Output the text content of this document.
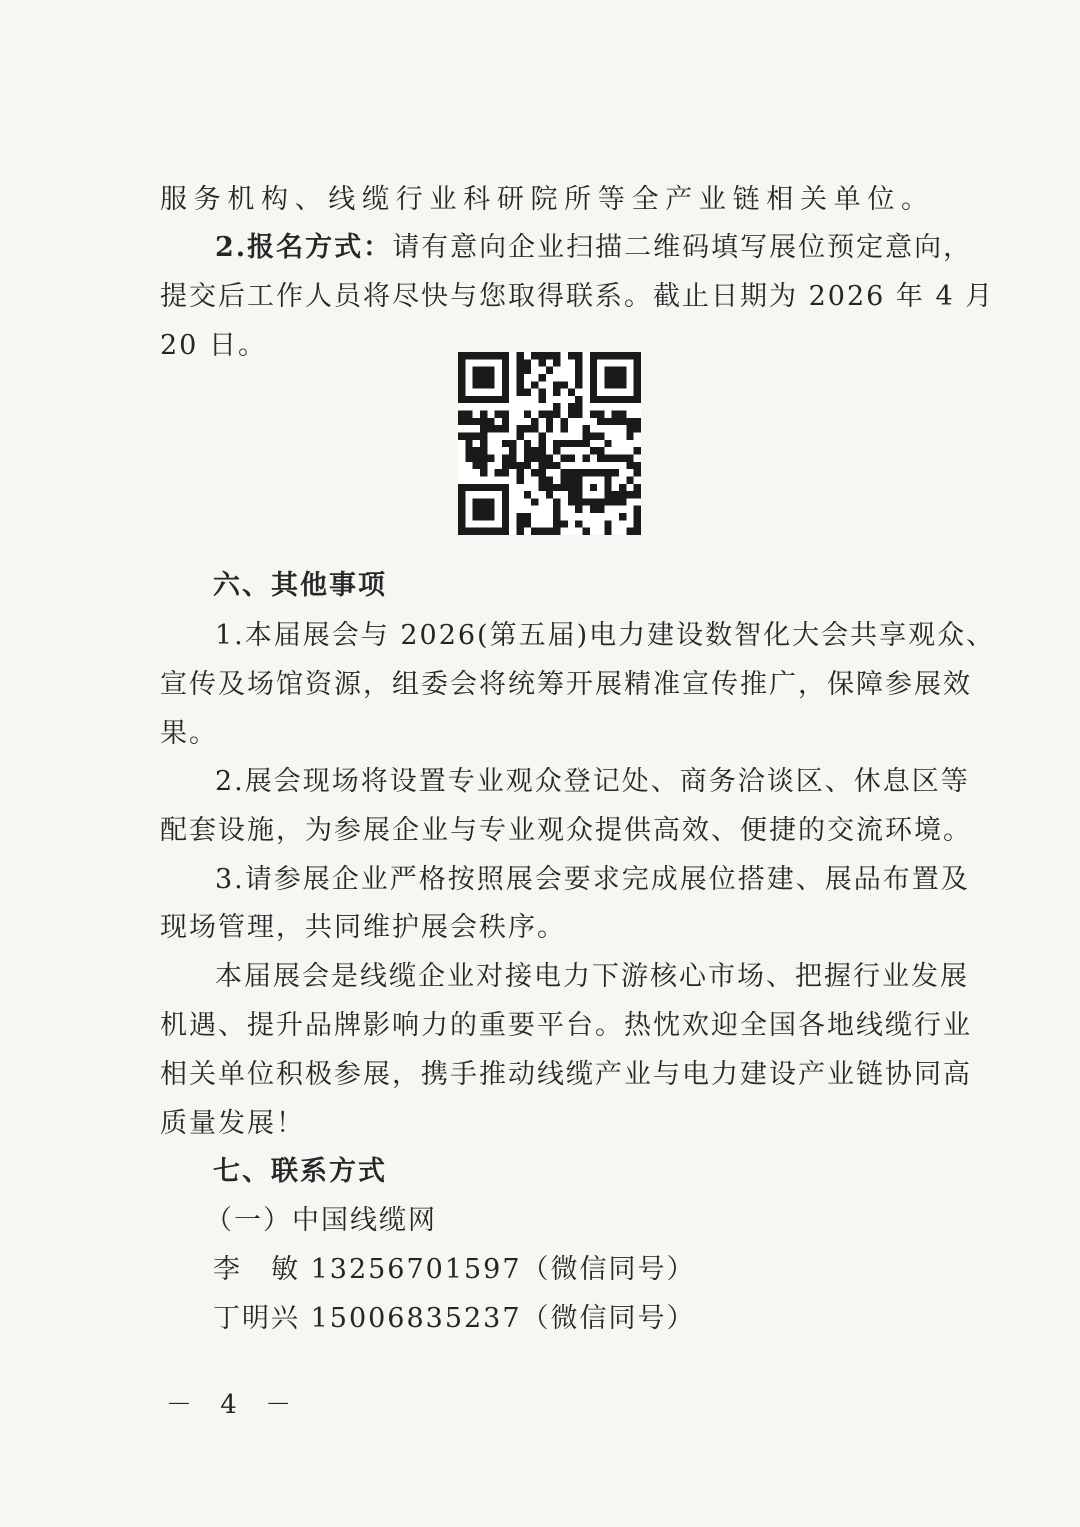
服务机构、线缆行业科研院所等全产业链相关单位。
2.报名方式：请有意向企业扫描二维码填写展位预定意向，
提交后工作人员将尽快与您取得联系。截止日期为 2026 年 4 月
20 日。
六、其他事项
1.本届展会与 2026(第五届)电力建设数智化大会共享观众、
宣传及场馆资源，组委会将统筹开展精准宣传推广，保障参展效
果。
2.展会现场将设置专业观众登记处、商务洽谈区、休息区等
配套设施，为参展企业与专业观众提供高效、便捷的交流环境。
3.请参展企业严格按照展会要求完成展位搭建、展品布置及
现场管理，共同维护展会秩序。
本届展会是线缆企业对接电力下游核心市场、把握行业发展
机遇、提升品牌影响力的重要平台。热忱欢迎全国各地线缆行业
相关单位积极参展，携手推动线缆产业与电力建设产业链协同高
质量发展！
七、联系方式
（一）中国线缆网
李　敏 13256701597（微信同号）
丁明兴 15006835237（微信同号）
－ 4 －
